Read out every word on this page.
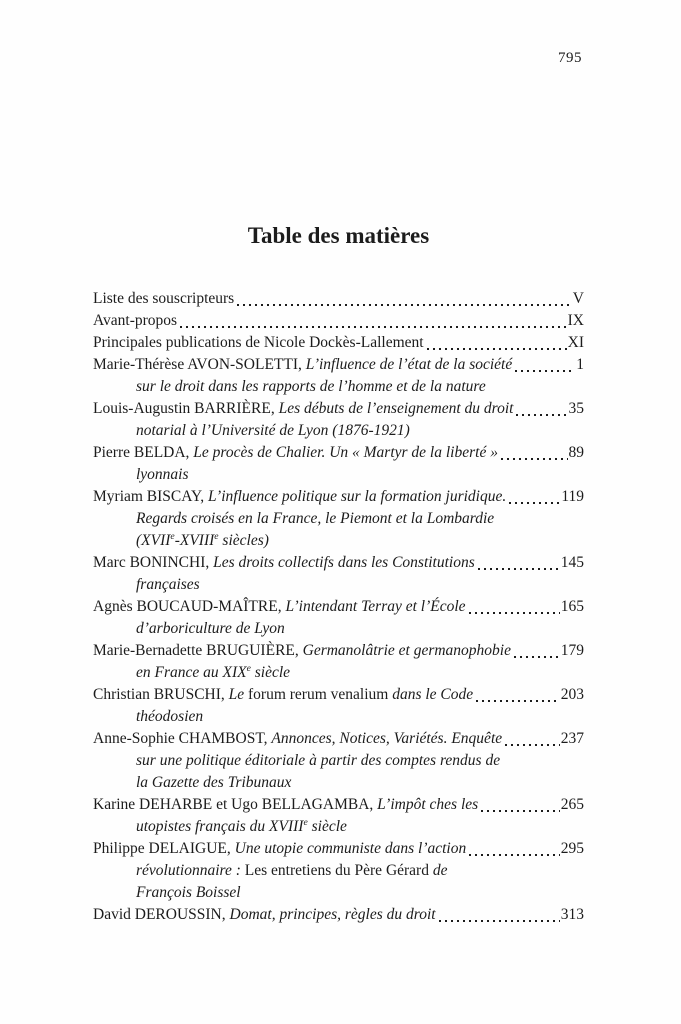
795
Table des matières
Liste des souscripteurs	V
Avant-propos	IX
Principales publications de Nicole Dockès-Lallement	XI
Marie-Thérèse AVON-SOLETTI, L’influence de l’état de la société	1
sur le droit dans les rapports de l’homme et de la nature
Louis-Augustin BARRIÈRE, Les débuts de l’enseignement du droit	35
notarial à l’Université de Lyon (1876-1921)
Pierre BELDA, Le procès de Chalier. Un « Martyr de la liberté »	89
lyonnais
Myriam BISCAY, L’influence politique sur la formation juridique.	119
Regards croisés en la France, le Piemont et la Lombardie
(XVIIe-XVIIIe siècles)
Marc BONINCHI, Les droits collectifs dans les Constitutions	145
françaises
Agnès BOUCAUD-MAÎTRE, L’intendant Terray et l’École	165
d’arboriculture de Lyon
Marie-Bernadette BRUGUIÈRE, Germanolâtrie et germanophobie	179
en France au XIXe siècle
Christian BRUSCHI, Le forum rerum venalium dans le Code	203
théodosien
Anne-Sophie CHAMBOST, Annonces, Notices, Variétés. Enquête	237
sur une politique éditoriale à partir des comptes rendus de
la Gazette des Tribunaux
Karine DEHARBE et Ugo BELLAGAMBA, L’impôt ches les	265
utopistes français du XVIIIe siècle
Philippe DELAIGUE, Une utopie communiste dans l’action	295
révolutionnaire : Les entretiens du Père Gérard de
François Boissel
David DEROUSSIN, Domat, principes, règles du droit	313
